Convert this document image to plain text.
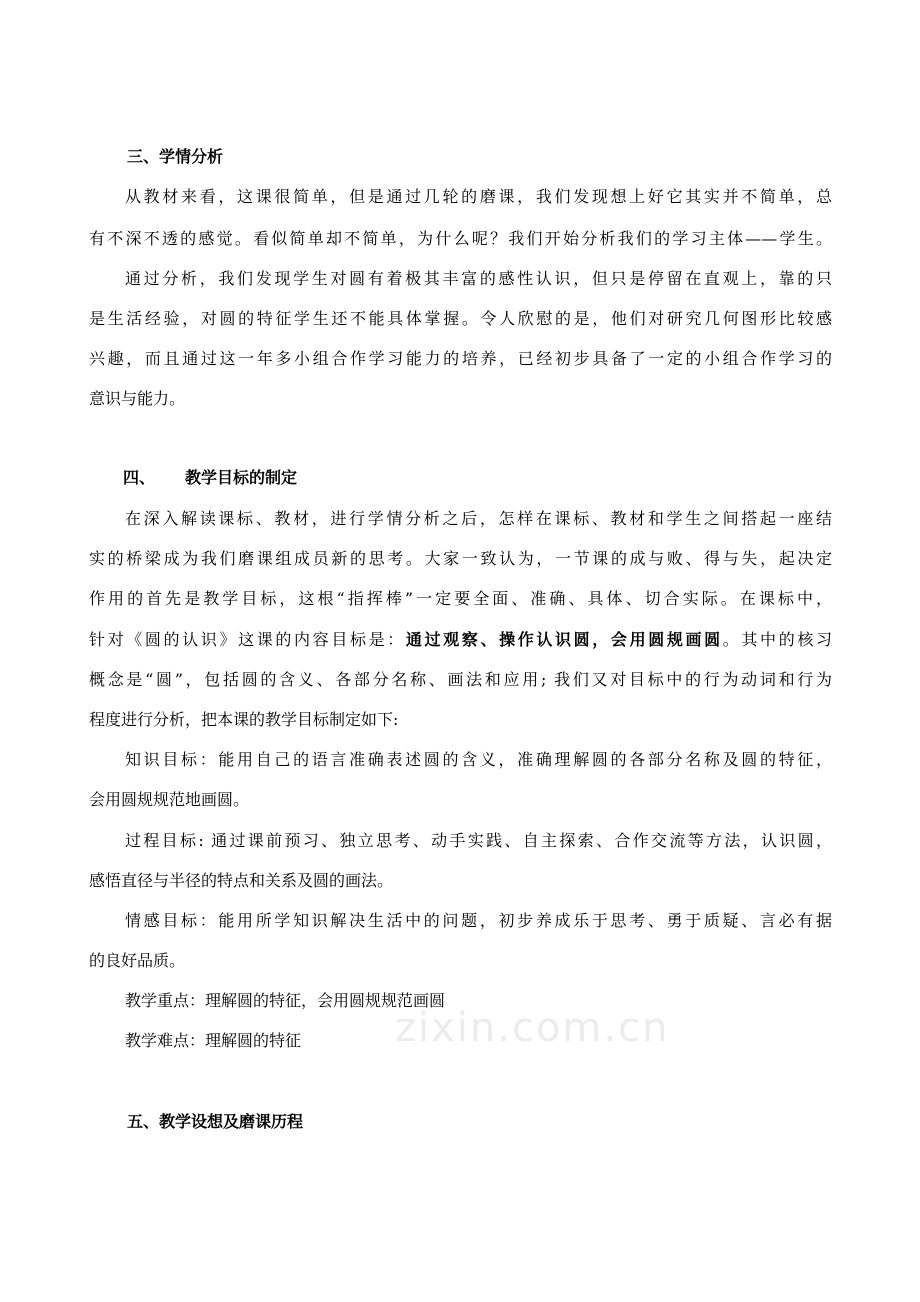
三、学情分析
从教材来看，这课很简单，但是通过几轮的磨课，我们发现想上好它其实并不简单，总
有不深不透的感觉。看似简单却不简单，为什么呢？我们开始分析我们的学习主体——学生。
通过分析，我们发现学生对圆有着极其丰富的感性认识，但只是停留在直观上，靠的只
是生活经验，对圆的特征学生还不能具体掌握。令人欣慰的是，他们对研究几何图形比较感
兴趣，而且通过这一年多小组合作学习能力的培养，已经初步具备了一定的小组合作学习的
意识与能力。
四、 教学目标的制定
在深入解读课标、教材，进行学情分析之后，怎样在课标、教材和学生之间搭起一座结
实的桥梁成为我们磨课组成员新的思考。大家一致认为，一节课的成与败、得与失，起决定
作用的首先是教学目标，这根“指挥棒”一定要全面、准确、具体、切合实际。在课标中，
针对《圆的认识》这课的内容目标是：通过观察、操作认识圆，会用圆规画圆。其中的核习
概念是“圆”，包括圆的含义、各部分名称、画法和应用; 我们又对目标中的行为动词和行为
程度进行分析，把本课的教学目标制定如下:
知识目标：能用自己的语言准确表述圆的含义，准确理解圆的各部分名称及圆的特征，
会用圆规规范地画圆。
过程目标: 通过课前预习、独立思考、动手实践、自主探索、合作交流等方法，认识圆，
感悟直径与半径的特点和关系及圆的画法。
情感目标：能用所学知识解决生活中的问题，初步养成乐于思考、勇于质疑、言必有据
的良好品质。
教学重点：理解圆的特征，会用圆规规范画圆
教学难点：理解圆的特征
五、教学设想及磨课历程
zixin.com.cn
